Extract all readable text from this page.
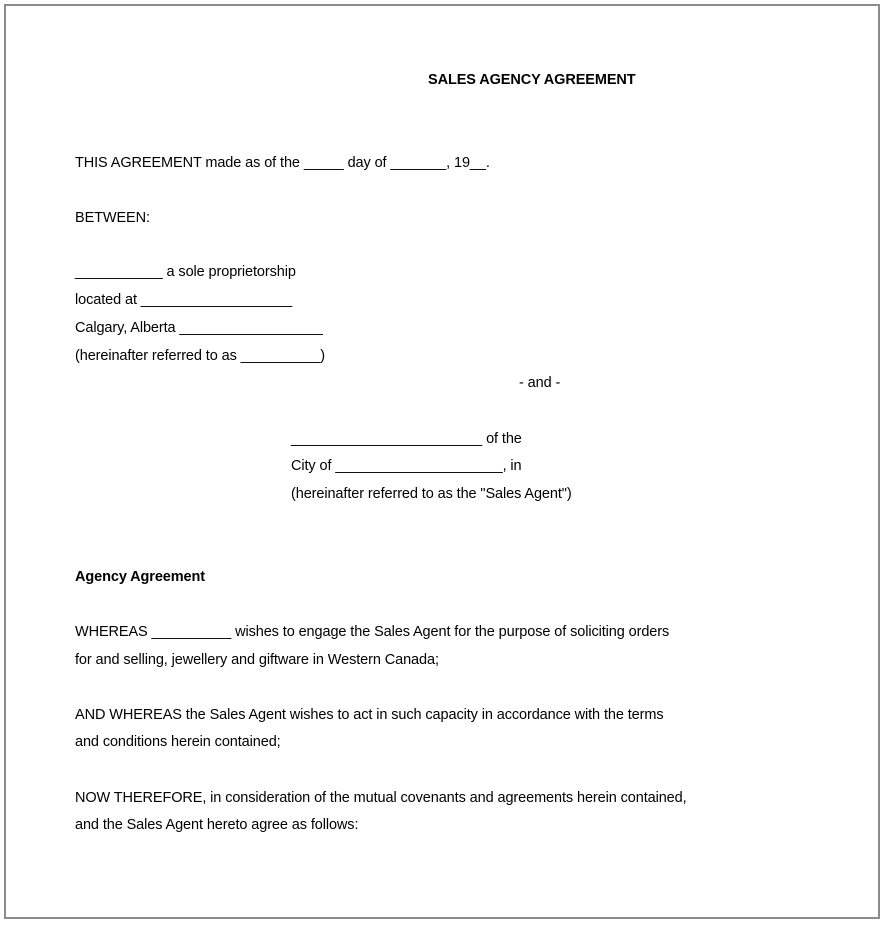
SALES AGENCY AGREEMENT
THIS AGREEMENT made as of the _____ day of _______, 19__.
BETWEEN:
___________ a sole proprietorship
located at ___________________
Calgary, Alberta __________________
(hereinafter referred to as __________)
- and -
________________________ of the
City of _____________________, in
(hereinafter referred to as the "Sales Agent")
Agency Agreement
WHEREAS __________ wishes to engage the Sales Agent for the purpose of soliciting orders
for and selling, jewellery and giftware in Western Canada;
AND WHEREAS the Sales Agent wishes to act in such capacity in accordance with the terms
and conditions herein contained;
NOW THEREFORE, in consideration of the mutual covenants and agreements herein contained,
and the Sales Agent hereto agree as follows:
